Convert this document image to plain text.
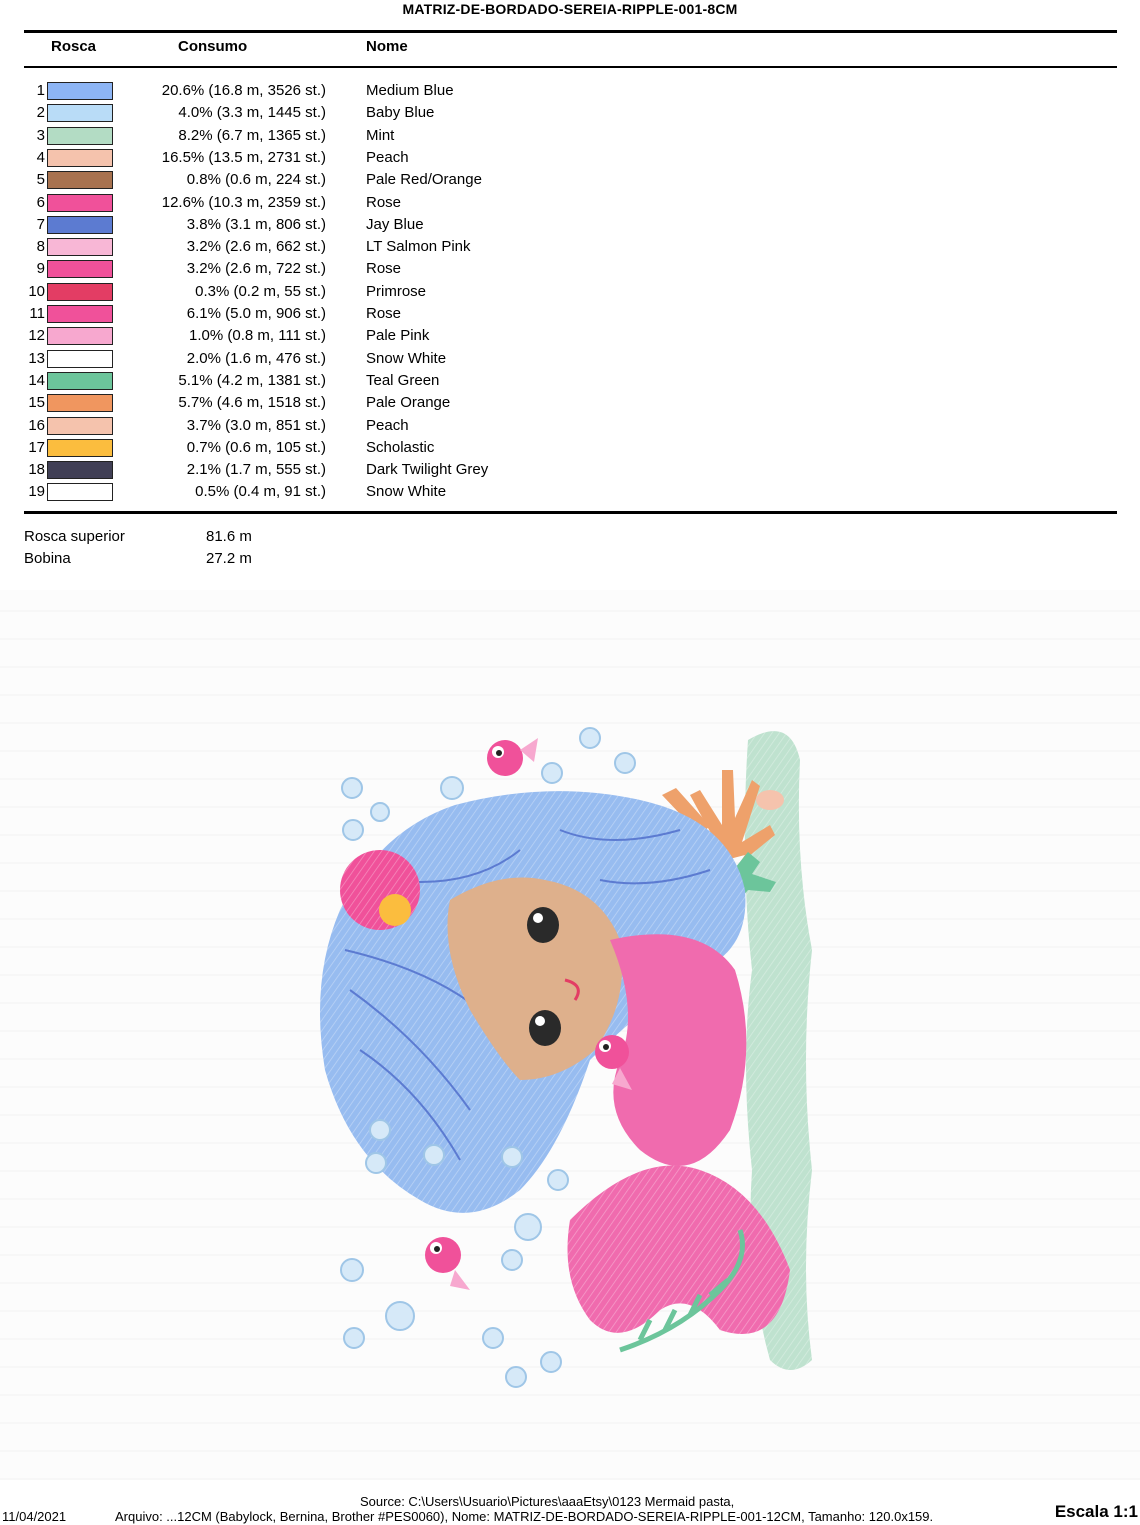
MATRIZ-DE-BORDADO-SEREIA-RIPPLE-001-8CM
Rosca	Consumo	Nome
1	20.6% (16.8 m, 3526 st.)	Medium Blue
2	4.0% (3.3 m, 1445 st.)	Baby Blue
3	8.2% (6.7 m, 1365 st.)	Mint
4	16.5% (13.5 m, 2731 st.)	Peach
5	0.8% (0.6 m, 224 st.)	Pale Red/Orange
6	12.6% (10.3 m, 2359 st.)	Rose
7	3.8% (3.1 m, 806 st.)	Jay Blue
8	3.2% (2.6 m, 662 st.)	LT Salmon Pink
9	3.2% (2.6 m, 722 st.)	Rose
10	0.3% (0.2 m, 55 st.)	Primrose
11	6.1% (5.0 m, 906 st.)	Rose
12	1.0% (0.8 m, 111 st.)	Pale Pink
13	2.0% (1.6 m, 476 st.)	Snow White
14	5.1% (4.2 m, 1381 st.)	Teal Green
15	5.7% (4.6 m, 1518 st.)	Pale Orange
16	3.7% (3.0 m, 851 st.)	Peach
17	0.7% (0.6 m, 105 st.)	Scholastic
18	2.1% (1.7 m, 555 st.)	Dark Twilight Grey
19	0.5% (0.4 m, 91 st.)	Snow White
Rosca superior	81.6 m
Bobina	27.2 m
Source: C:\Users\Usuario\Pictures\aaaEtsy\0123 Mermaid pasta,
11/04/2021	Arquivo: ...12CM (Babylock, Bernina, Brother #PES0060), Nome: MATRIZ-DE-BORDADO-SEREIA-RIPPLE-001-12CM, Tamanho: 120.0x159.	Escala 1:1
